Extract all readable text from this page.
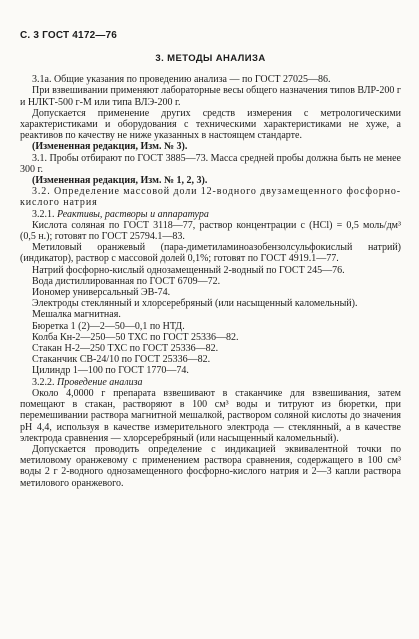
С. 3 ГОСТ 4172—76
3. МЕТОДЫ АНАЛИЗА

3.1а. Общие указания по проведению анализа — по ГОСТ 27025—86.

При взвешивании применяют лабораторные весы общего назначения типов ВЛР-200 г и НЛКТ-500 г-М или типа ВЛЭ-200 г.

Допускается применение других средств измерения с метрологическими характеристиками и оборудования с техническими характеристиками не хуже, а реактивов по качеству не ниже указанных в настоящем стандарте.

(Измененная редакция, Изм. № 3).

3.1. Пробы отбирают по ГОСТ 3885—73. Масса средней пробы должна быть не менее 300 г.

(Измененная редакция, Изм. № 1, 2, 3).

3.2. Определение массовой доли 12-водного двузамещенного фосфорно-кислого натрия

3.2.1. Реактивы, растворы и аппаратура

Кислота соляная по ГОСТ 3118—77, раствор концентрации с (HCl) = 0,5 моль/дм³ (0,5 н.); готовят по ГОСТ 25794.1—83.

Метиловый оранжевый (пара-диметиламиноазобензолсульфокислый натрий) (индикатор), раствор с массовой долей 0,1%; готовят по ГОСТ 4919.1—77.

Натрий фосфорно-кислый однозамещенный 2-водный по ГОСТ 245—76.

Вода дистиллированная по ГОСТ 6709—72.

Иономер универсальный ЭВ-74.

Электроды стеклянный и хлорсеребряный (или насыщенный каломельный).

Мешалка магнитная.

Бюретка 1 (2)—2—50—0,1 по НТД.

Колба Кн-2—250—50 ТХС по ГОСТ 25336—82.

Стакан Н-2—250 ТХС по ГОСТ 25336—82.

Стаканчик СВ-24/10 по ГОСТ 25336—82.

Цилиндр 1—100 по ГОСТ 1770—74.

3.2.2. Проведение анализа

Около 4,0000 г препарата взвешивают в стаканчике для взвешивания, затем помещают в стакан, растворяют в 100 см³ воды и титруют из бюретки, при перемешивании раствора магнитной мешалкой, раствором соляной кислоты до значения pH 4,4, используя в качестве измерительного электрода — стеклянный, а в качестве электрода сравнения — хлорсеребряный (или насыщенный каломельный).

Допускается проводить определение с индикацией эквивалентной точки по метиловому оранжевому с применением раствора сравнения, содержащего в 100 см³ воды 2 г 2-водного однозамещенного фосфорно-кислого натрия и 2—3 капли раствора метилового оранжевого.
